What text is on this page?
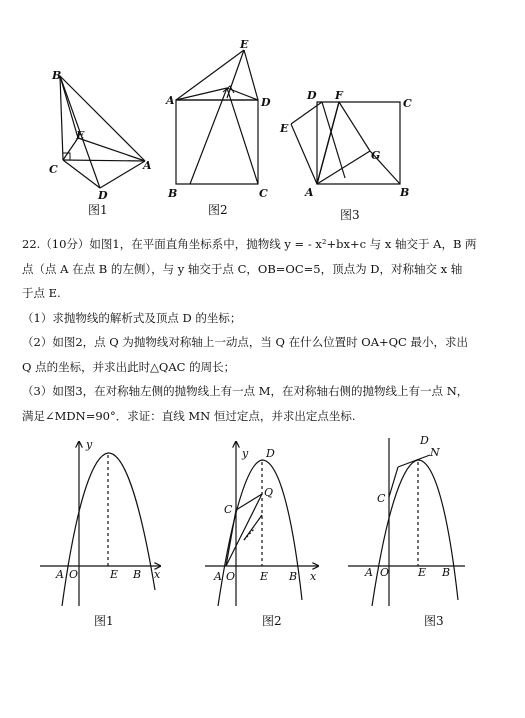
B
E
C	A
D
E
A	D
B	C
D F
C
E
G
A	B
图1	图2	图3

22.（10分）如图1，在平面直角坐标系中，抛物线 y = - x²+bx+c 与 x 轴交于 A，B 两

点（点 A 在点 B 的左侧），与 y 轴交于点 C，OB=OC=5，顶点为 D，对称轴交 x 轴

于点 E.

（1）求抛物线的解析式及顶点 D 的坐标；

（2）如图2，点 Q 为抛物线对称轴上一动点，当 Q 在什么位置时 OA+QC 最小，求出

Q 点的坐标，并求出此时△QAC 的周长；

（3）如图3，在对称轴左侧的抛物线上有一点 M，在对称轴右侧的抛物线上有一点 N，

满足∠MDN=90°．求证：直线 MN 恒过定点，并求出定点坐标.

y
A O	E B x
y D
C
Q
A O E B x
D
N
C
A O	E B
图1	图2	图3
